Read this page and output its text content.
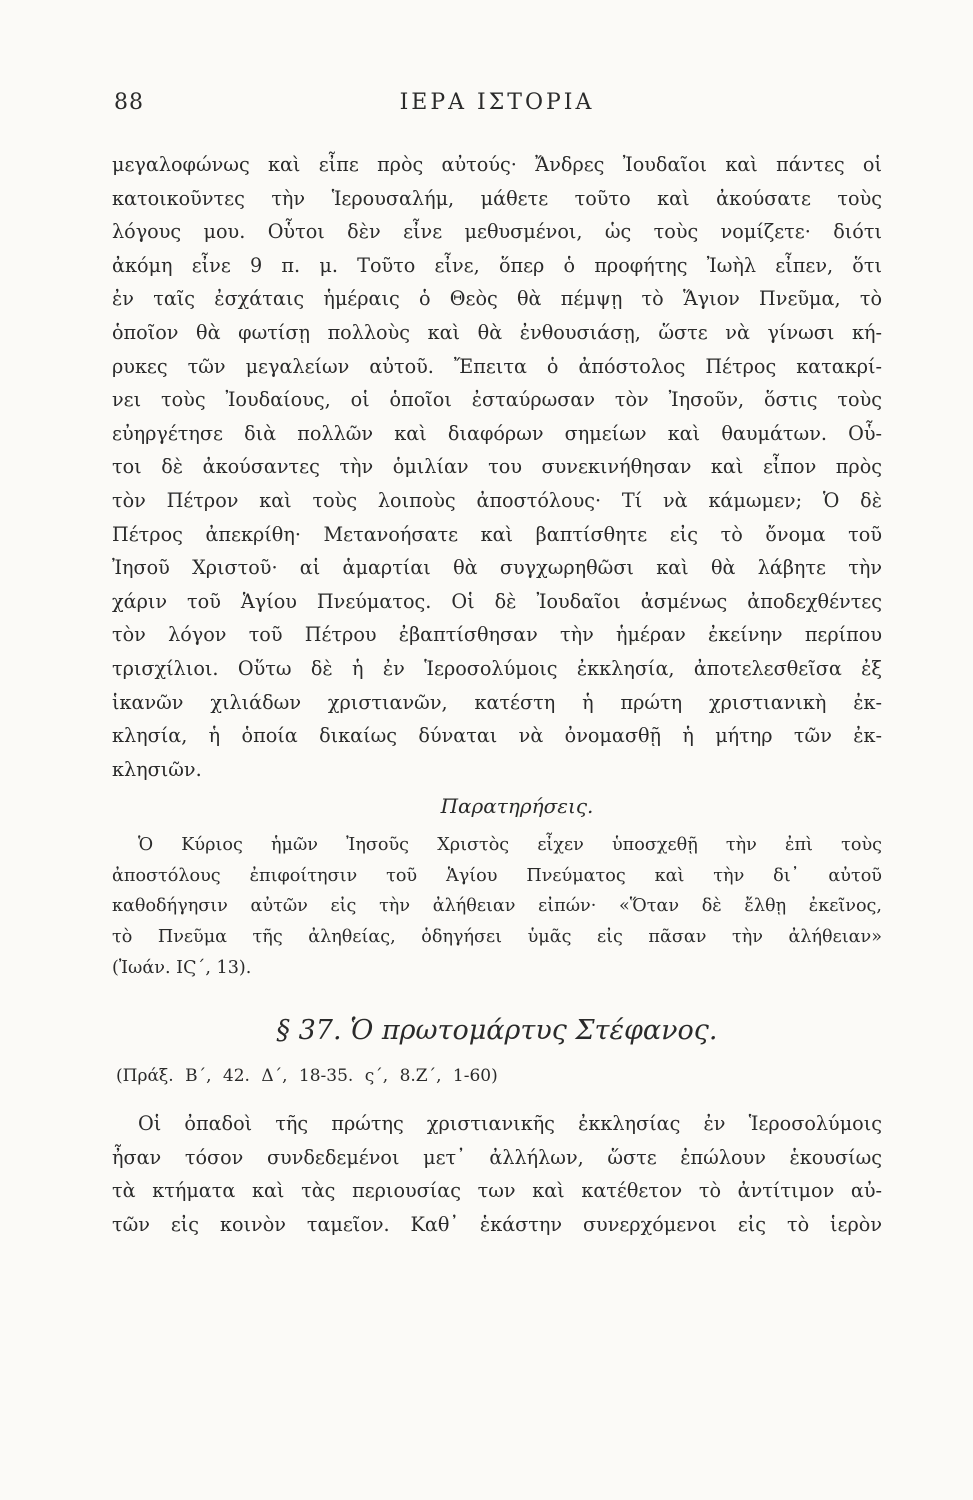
88	ΙΕΡΑ ΙΣΤΟΡΙΑ
μεγαλοφώνως καὶ εἶπε πρὸς αὐτούς· Ἄνδρες Ἰουδαῖοι καὶ πάντες οἱ
κατοικοῦντες τὴν Ἱερουσαλήμ, μάθετε τοῦτο καὶ ἀκούσατε τοὺς
λόγους μου. Οὗτοι δὲν εἶνε μεθυσμένοι, ὡς τοὺς νομίζετε· διότι
ἀκόμη εἶνε 9 π. μ. Τοῦτο εἶνε, ὅπερ ὁ προφήτης Ἰωὴλ εἶπεν, ὅτι
ἐν ταῖς ἐσχάταις ἡμέραις ὁ Θεὸς θὰ πέμψῃ τὸ Ἅγιον Πνεῦμα, τὸ
ὁποῖον θὰ φωτίσῃ πολλοὺς καὶ θὰ ἐνθουσιάσῃ, ὥστε νὰ γίνωσι κή-
ρυκες τῶν μεγαλείων αὐτοῦ. Ἔπειτα ὁ ἀπόστολος Πέτρος κατακρί-
νει τοὺς Ἰουδαίους, οἱ ὁποῖοι ἐσταύρωσαν τὸν Ἰησοῦν, ὅστις τοὺς
εὐηργέτησε διὰ πολλῶν καὶ διαφόρων σημείων καὶ θαυμάτων. Οὗ-
τοι δὲ ἀκούσαντες τὴν ὁμιλίαν του συνεκινήθησαν καὶ εἶπον πρὸς
τὸν Πέτρον καὶ τοὺς λοιποὺς ἀποστόλους· Τί νὰ κάμωμεν; Ὁ δὲ
Πέτρος ἀπεκρίθη· Μετανοήσατε καὶ βαπτίσθητε εἰς τὸ ὄνομα τοῦ
Ἰησοῦ Χριστοῦ· αἱ ἁμαρτίαι θὰ συγχωρηθῶσι καὶ θὰ λάβητε τὴν
χάριν τοῦ Ἁγίου Πνεύματος. Οἱ δὲ Ἰουδαῖοι ἀσμένως ἀποδεχθέντες
τὸν λόγον τοῦ Πέτρου ἐβαπτίσθησαν τὴν ἡμέραν ἐκείνην περίπου
τρισχίλιοι. Οὕτω δὲ ἡ ἐν Ἱεροσολύμοις ἐκκλησία, ἀποτελεσθεῖσα ἐξ
ἱκανῶν χιλιάδων χριστιανῶν, κατέστη ἡ πρώτη χριστιανικὴ ἐκ-
κλησία, ἡ ὁποία δικαίως δύναται νὰ ὀνομασθῇ ἡ μήτηρ τῶν ἐκ-
κλησιῶν.
Παρατηρήσεις.
Ὁ Κύριος ἡμῶν Ἰησοῦς Χριστὸς εἶχεν ὑποσχεθῇ τὴν ἐπὶ τοὺς
ἀποστόλους ἐπιφοίτησιν τοῦ Ἁγίου Πνεύματος καὶ τὴν δι᾽ αὐτοῦ
καθοδήγησιν αὐτῶν εἰς τὴν ἀλήθειαν εἰπών· «Ὅταν δὲ ἔλθῃ ἐκεῖνος,
τὸ Πνεῦμα τῆς ἀληθείας, ὁδηγήσει ὑμᾶς εἰς πᾶσαν τὴν ἀλήθειαν»
(Ἰωάν. ΙϚ΄, 13).
§ 37. Ὁ πρωτομάρτυς Στέφανος.
(Πράξ. Β΄, 42. Δ΄, 18-35. ς΄, 8.Ζ΄, 1-60)
Οἱ ὀπαδοὶ τῆς πρώτης χριστιανικῆς ἐκκλησίας ἐν Ἱεροσολύμοις
ἦσαν τόσον συνδεδεμένοι μετ᾽ ἀλλήλων, ὥστε ἐπώλουν ἑκουσίως
τὰ κτήματα καὶ τὰς περιουσίας των καὶ κατέθετον τὸ ἀντίτιμον αὐ-
τῶν εἰς κοινὸν ταμεῖον. Καθ᾽ ἑκάστην συνερχόμενοι εἰς τὸ ἱερὸν
